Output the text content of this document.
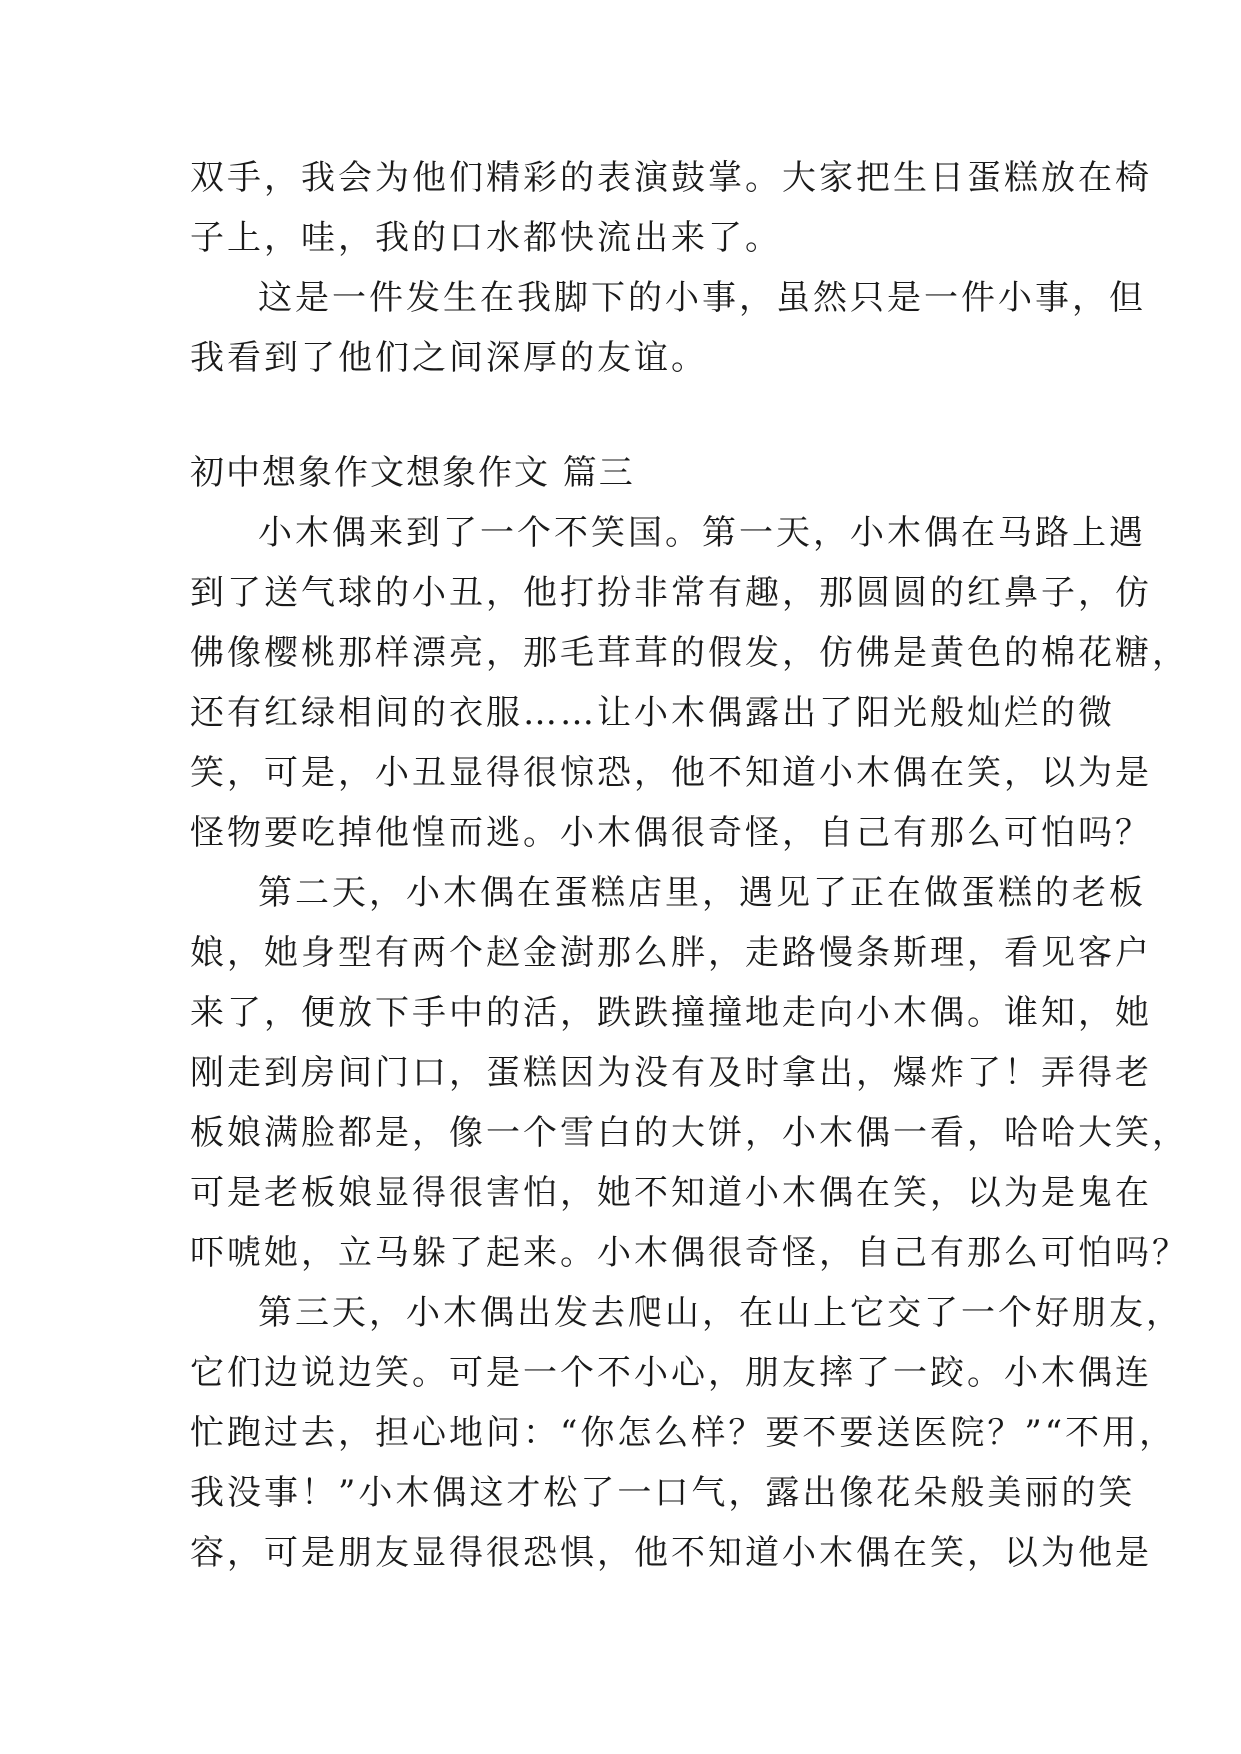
双手，我会为他们精彩的表演鼓掌。大家把生日蛋糕放在椅
子上，哇，我的口水都快流出来了。
这是一件发生在我脚下的小事，虽然只是一件小事，但
我看到了他们之间深厚的友谊。
初中想象作文想象作文 篇三
小木偶来到了一个不笑国。第一天，小木偶在马路上遇
到了送气球的小丑，他打扮非常有趣，那圆圆的红鼻子，仿
佛像樱桃那样漂亮，那毛茸茸的假发，仿佛是黄色的棉花糖，
还有红绿相间的衣服……让小木偶露出了阳光般灿烂的微
笑，可是，小丑显得很惊恐，他不知道小木偶在笑，以为是
怪物要吃掉他惶而逃。小木偶很奇怪，自己有那么可怕吗？
第二天，小木偶在蛋糕店里，遇见了正在做蛋糕的老板
娘，她身型有两个赵金澍那么胖，走路慢条斯理，看见客户
来了，便放下手中的活，跌跌撞撞地走向小木偶。谁知，她
刚走到房间门口，蛋糕因为没有及时拿出，爆炸了！弄得老
板娘满脸都是，像一个雪白的大饼，小木偶一看，哈哈大笑，
可是老板娘显得很害怕，她不知道小木偶在笑，以为是鬼在
吓唬她，立马躲了起来。小木偶很奇怪，自己有那么可怕吗？
第三天，小木偶出发去爬山，在山上它交了一个好朋友，
它们边说边笑。可是一个不小心，朋友摔了一跤。小木偶连
忙跑过去，担心地问：“你怎么样？要不要送医院？”“不用，
我没事！”小木偶这才松了一口气，露出像花朵般美丽的笑
容，可是朋友显得很恐惧，他不知道小木偶在笑，以为他是
